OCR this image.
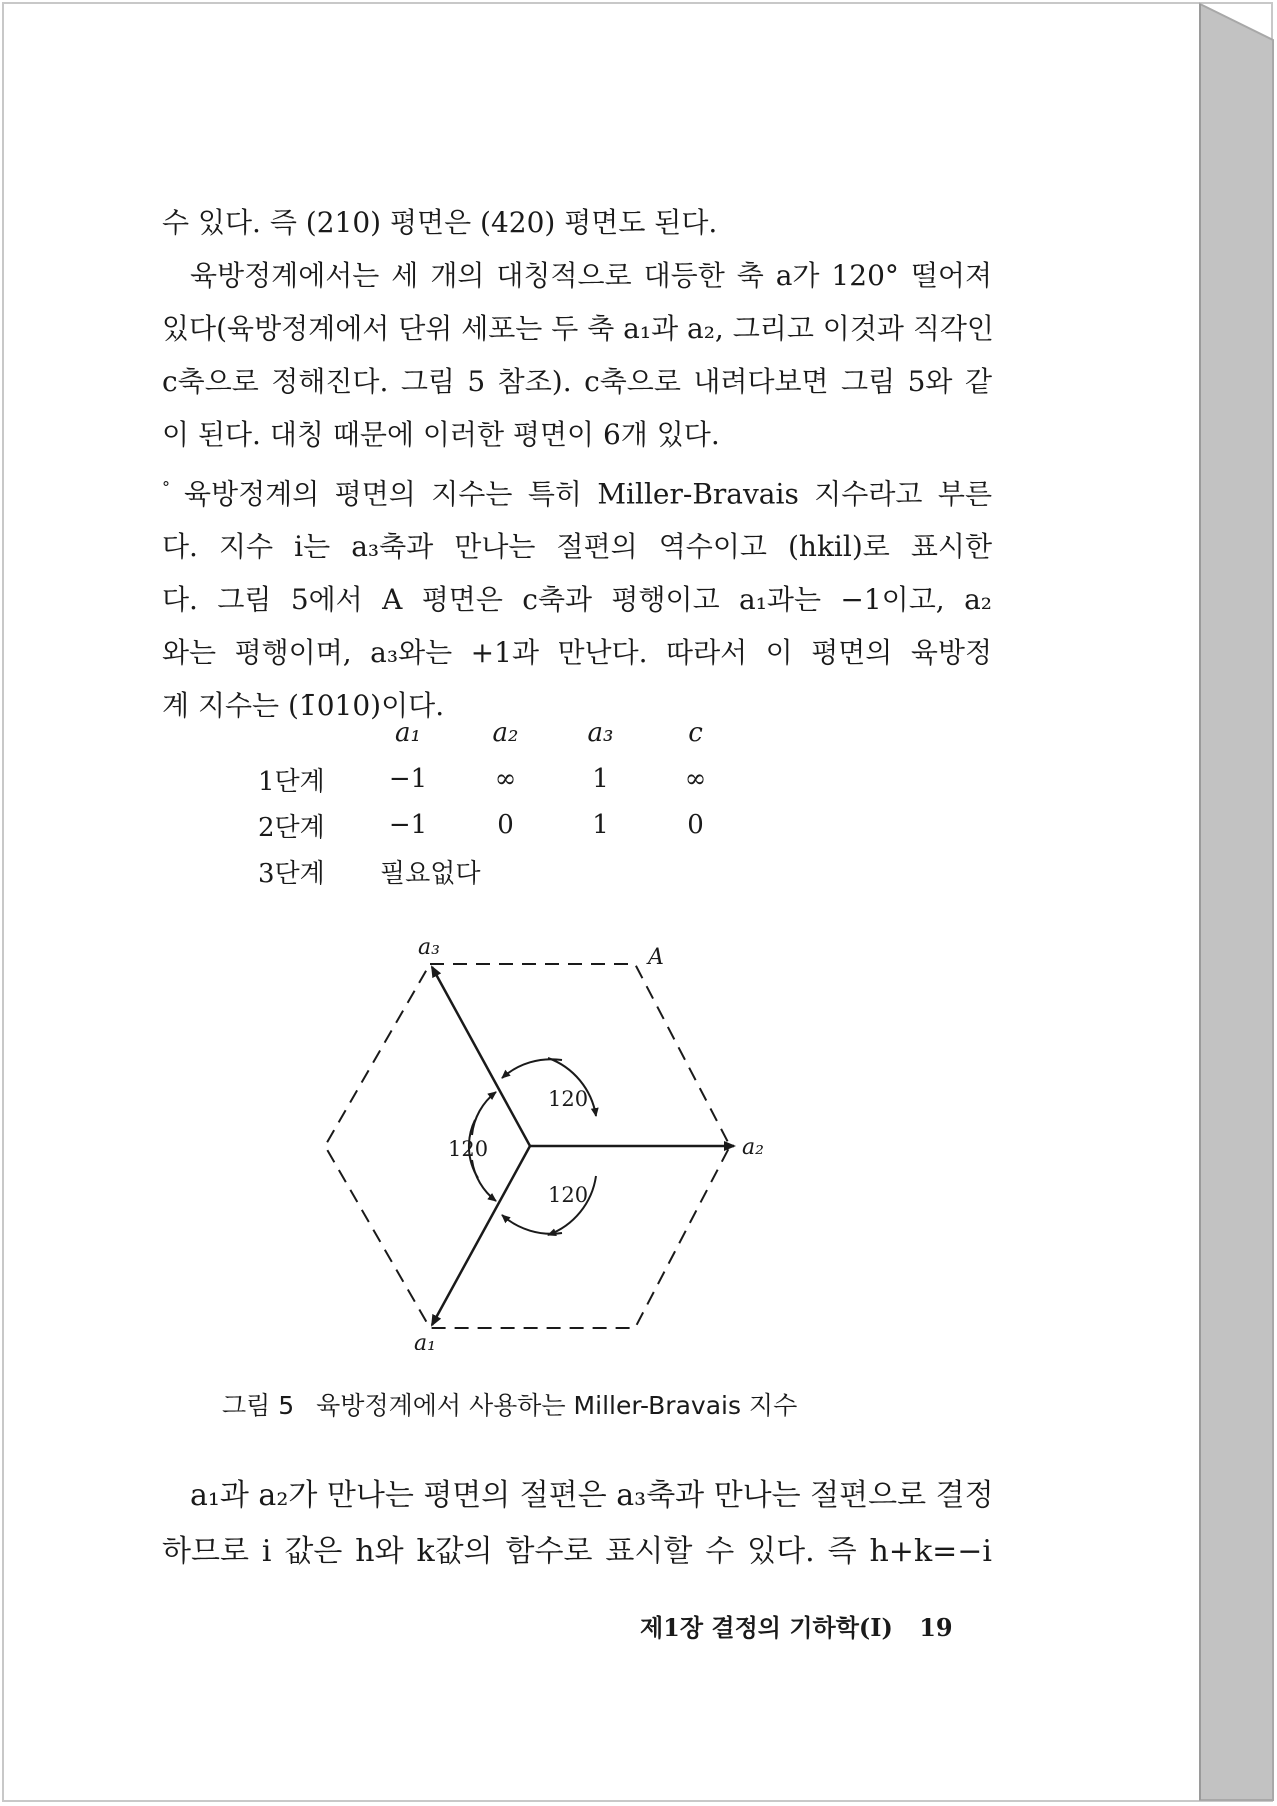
수 있다. 즉 (210) 평면은 (420) 평면도 된다.

육방정계에서는 세 개의 대칭적으로 대등한 축 a가 120° 떨어져
있다(육방정계에서 단위 세포는 두 축 a₁과 a₂, 그리고 이것과 직각인
c축으로 정해진다. 그림 5 참조). c축으로 내려다보면 그림 5와 같
이 된다. 대칭 때문에 이러한 평면이 6개 있다.

° 육방정계의 평면의 지수는 특히 Miller-Bravais 지수라고 부른
다. 지수 i는 a₃축과 만나는 절편의 역수이고 (hkil)로 표시한
다. 그림 5에서 A 평면은 c축과 평행이고 a₁과는 −1이고, a₂
와는 평행이며, a₃와는 +1과 만난다. 따라서 이 평면의 육방정
계 지수는 (1̄010)이다.

	a₁	a₂	a₃	c
1단계	−1	∞	1	∞
2단계	−1	0	1	0
3단계	필요없다			
a₃	A
a₂
a₁
120
120
120
그림 5 육방정계에서 사용하는 Miller-Bravais 지수
a₁과 a₂가 만나는 평면의 절편은 a₃축과 만나는 절편으로 결정
하므로 i 값은 h와 k값의 함수로 표시할 수 있다. 즉 h+k=−i
제1장 결정의 기하학(Ⅰ) 19
